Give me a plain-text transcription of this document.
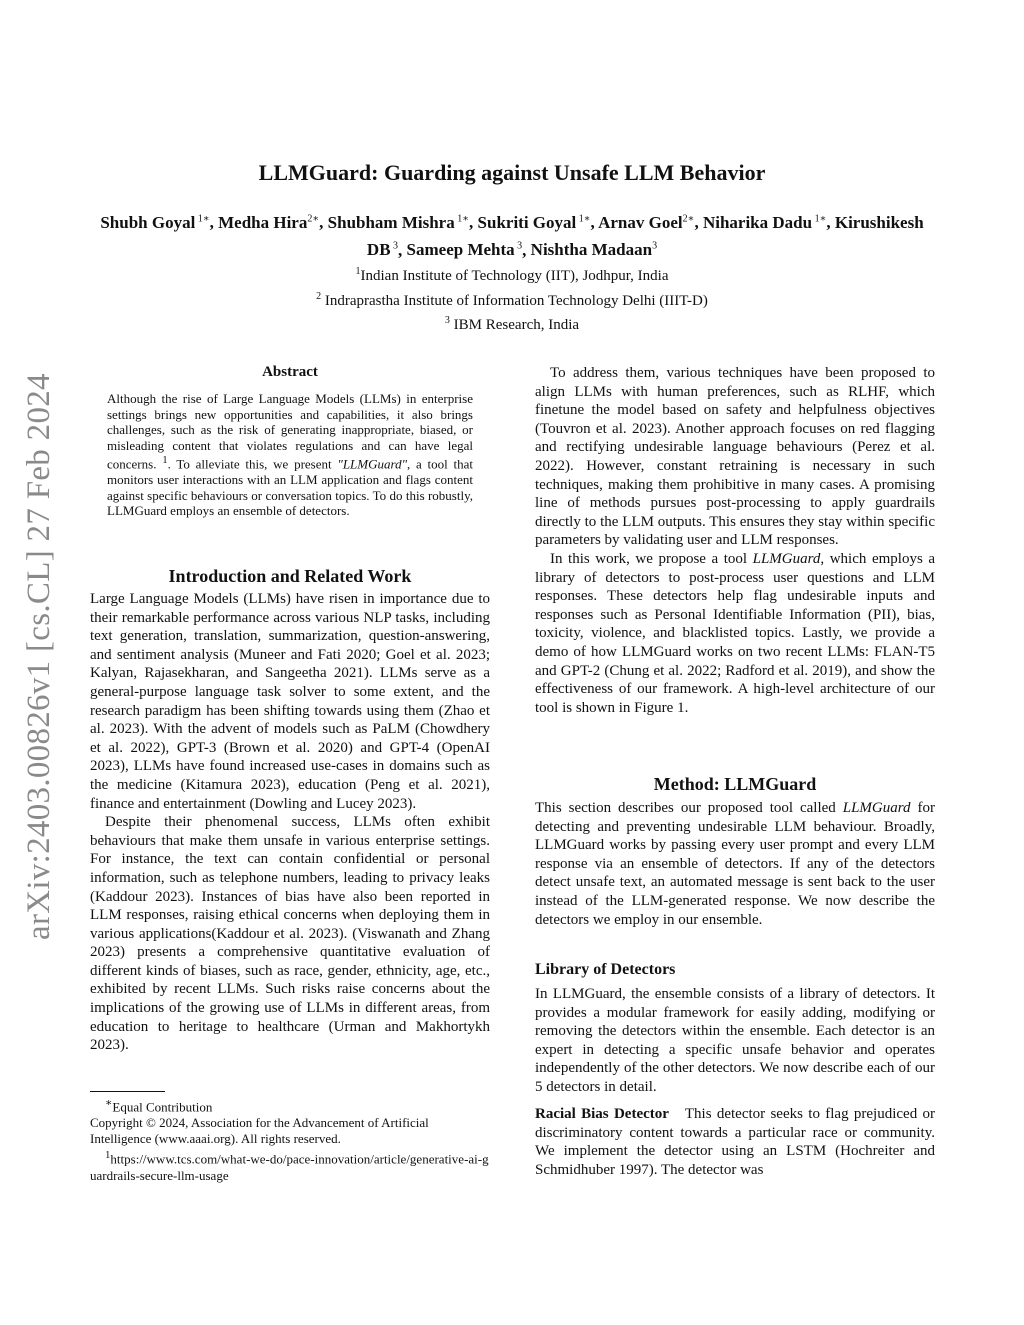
arXiv:2403.00826v1 [cs.CL] 27 Feb 2024
LLMGuard: Guarding against Unsafe LLM Behavior
Shubh Goyal $^{1∗}$, Medha Hira$^{2∗}$, Shubham Mishra $^{1∗}$, Sukriti Goyal $^{1∗}$, Arnav Goel$^{2∗}$, Niharika Dadu $^{1∗}$, Kirushikesh DB $^3$, Sameep Mehta $^3$, Nishtha Madaan$^3$
$^1$Indian Institute of Technology (IIT), Jodhpur, India
$^2$ Indraprastha Institute of Information Technology Delhi (IIIT-D)
$^3$ IBM Research, India
Abstract
Although the rise of Large Language Models (LLMs) in enterprise settings brings new opportunities and capabilities, it also brings challenges, such as the risk of generating inappropriate, biased, or misleading content that violates regulations and can have legal concerns. $^1$. To alleviate this, we present "LLMGuard", a tool that monitors user interactions with an LLM application and flags content against specific behaviours or conversation topics. To do this robustly, LLMGuard employs an ensemble of detectors.
Introduction and Related Work

Large Language Models (LLMs) have risen in importance due to their remarkable performance across various NLP tasks, including text generation, translation, summarization, question-answering, and sentiment analysis (Muneer and Fati 2020; Goel et al. 2023; Kalyan, Rajasekharan, and Sangeetha 2021). LLMs serve as a general-purpose language task solver to some extent, and the research paradigm has been shifting towards using them (Zhao et al. 2023). With the advent of models such as PaLM (Chowdhery et al. 2022), GPT-3 (Brown et al. 2020) and GPT-4 (OpenAI 2023), LLMs have found increased use-cases in domains such as the medicine (Kitamura 2023), education (Peng et al. 2021), finance and entertainment (Dowling and Lucey 2023).

Despite their phenomenal success, LLMs often exhibit behaviours that make them unsafe in various enterprise settings. For instance, the text can contain confidential or personal information, such as telephone numbers, leading to privacy leaks (Kaddour 2023). Instances of bias have also been reported in LLM responses, raising ethical concerns when deploying them in various applications(Kaddour et al. 2023). (Viswanath and Zhang 2023) presents a comprehensive quantitative evaluation of different kinds of biases, such as race, gender, ethnicity, age, etc., exhibited by recent LLMs. Such risks raise concerns about the implications of the growing use of LLMs in different areas, from education to heritage to healthcare (Urman and Makhortykh 2023).

∗Equal Contribution

Copyright © 2024, Association for the Advancement of Artificial Intelligence (www.aaai.org). All rights reserved.

$^1$https://www.tcs.com/what-we-do/pace-innovation/article/generative-ai-guardrails-secure-llm-usage

To address them, various techniques have been proposed to align LLMs with human preferences, such as RLHF, which finetune the model based on safety and helpfulness objectives (Touvron et al. 2023). Another approach focuses on red flagging and rectifying undesirable language behaviours (Perez et al. 2022). However, constant retraining is necessary in such techniques, making them prohibitive in many cases. A promising line of methods pursues post-processing to apply guardrails directly to the LLM outputs. This ensures they stay within specific parameters by validating user and LLM responses.

In this work, we propose a tool LLMGuard, which employs a library of detectors to post-process user questions and LLM responses. These detectors help flag undesirable inputs and responses such as Personal Identifiable Information (PII), bias, toxicity, violence, and blacklisted topics. Lastly, we provide a demo of how LLMGuard works on two recent LLMs: FLAN-T5 and GPT-2 (Chung et al. 2022; Radford et al. 2019), and show the effectiveness of our framework. A high-level architecture of our tool is shown in Figure 1.

Method: LLMGuard

This section describes our proposed tool called LLMGuard for detecting and preventing undesirable LLM behaviour. Broadly, LLMGuard works by passing every user prompt and every LLM response via an ensemble of detectors. If any of the detectors detect unsafe text, an automated message is sent back to the user instead of the LLM-generated response. We now describe the detectors we employ in our ensemble.

Library of Detectors

In LLMGuard, the ensemble consists of a library of detectors. It provides a modular framework for easily adding, modifying or removing the detectors within the ensemble. Each detector is an expert in detecting a specific unsafe behavior and operates independently of the other detectors. We now describe each of our 5 detectors in detail.

Racial Bias Detector This detector seeks to flag prejudiced or discriminatory content towards a particular race or community. We implement the detector using an LSTM (Hochreiter and Schmidhuber 1997). The detector was
